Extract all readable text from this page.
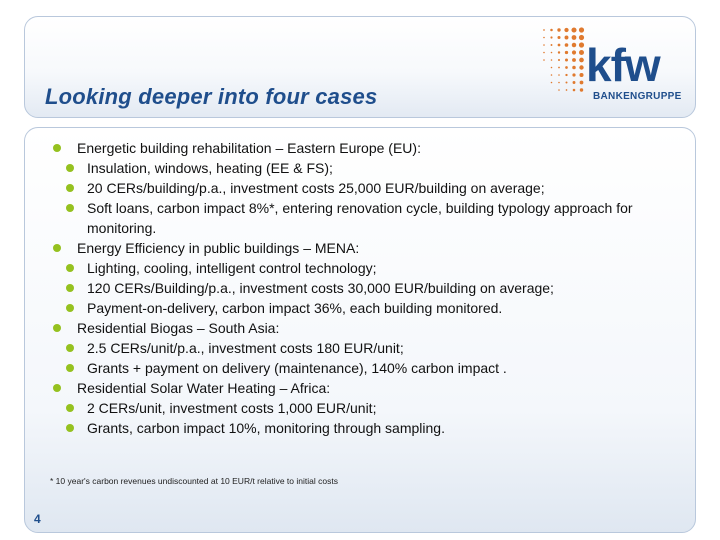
Looking deeper into four cases
kfw
BANKENGRUPPE
Energetic building rehabilitation – Eastern Europe (EU):
Insulation, windows, heating (EE & FS);
20 CERs/building/p.a., investment costs 25,000 EUR/building on average;
Soft loans, carbon impact 8%*, entering renovation cycle, building typology approach for monitoring.
Energy Efficiency in public buildings – MENA:
Lighting, cooling, intelligent control technology;
120 CERs/Building/p.a., investment costs 30,000 EUR/building on average;
Payment-on-delivery, carbon impact 36%, each building monitored.
Residential Biogas – South Asia:
2.5 CERs/unit/p.a., investment costs 180 EUR/unit;
Grants + payment on delivery (maintenance), 140% carbon impact .
Residential Solar Water Heating – Africa:
2 CERs/unit, investment costs 1,000 EUR/unit;
Grants, carbon impact 10%, monitoring through sampling.
* 10 year's carbon revenues undiscounted at 10 EUR/t relative to initial costs
4
